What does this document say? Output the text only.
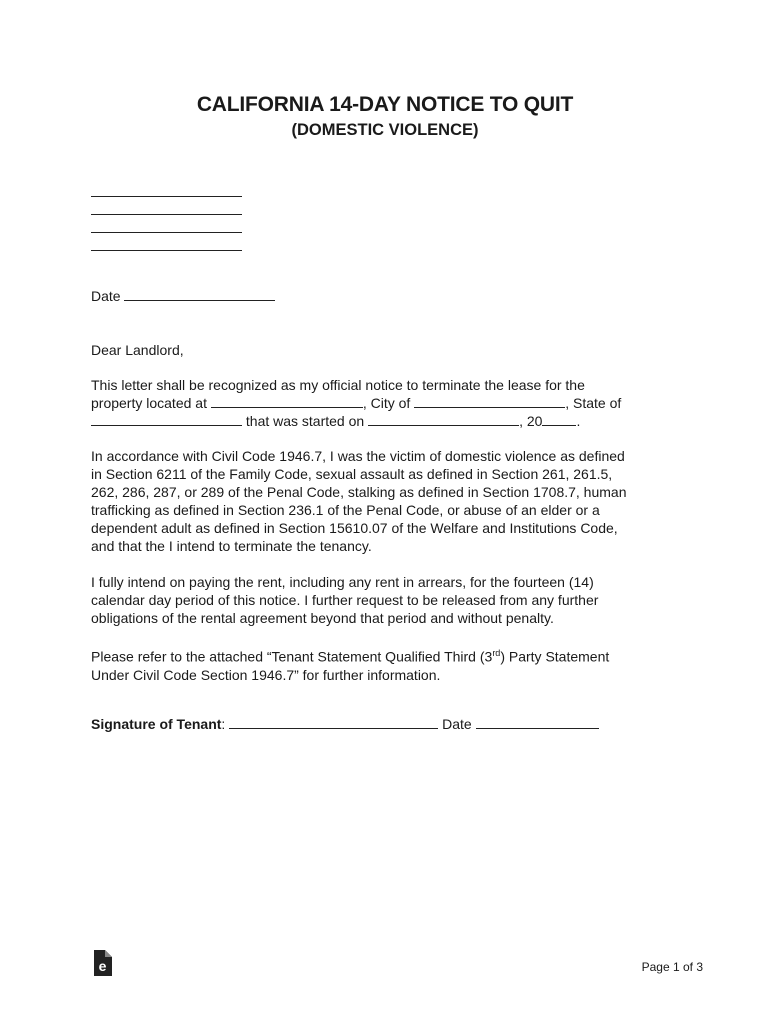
CALIFORNIA 14-DAY NOTICE TO QUIT
(DOMESTIC VIOLENCE)
Date
Dear Landlord,
This letter shall be recognized as my official notice to terminate the lease for the
property located at	, City of	, State of
that was started on	, 20 .
In accordance with Civil Code 1946.7, I was the victim of domestic violence as defined
in Section 6211 of the Family Code, sexual assault as defined in Section 261, 261.5,
262, 286, 287, or 289 of the Penal Code, stalking as defined in Section 1708.7, human
trafficking as defined in Section 236.1 of the Penal Code, or abuse of an elder or a
dependent adult as defined in Section 15610.07 of the Welfare and Institutions Code,
and that the I intend to terminate the tenancy.
I fully intend on paying the rent, including any rent in arrears, for the fourteen (14)
calendar day period of this notice. I further request to be released from any further
obligations of the rental agreement beyond that period and without penalty.
Please refer to the attached “Tenant Statement Qualified Third (3rd) Party Statement
Under Civil Code Section 1946.7” for further information.
Signature of Tenant:	Date
e	Page 1 of 3
